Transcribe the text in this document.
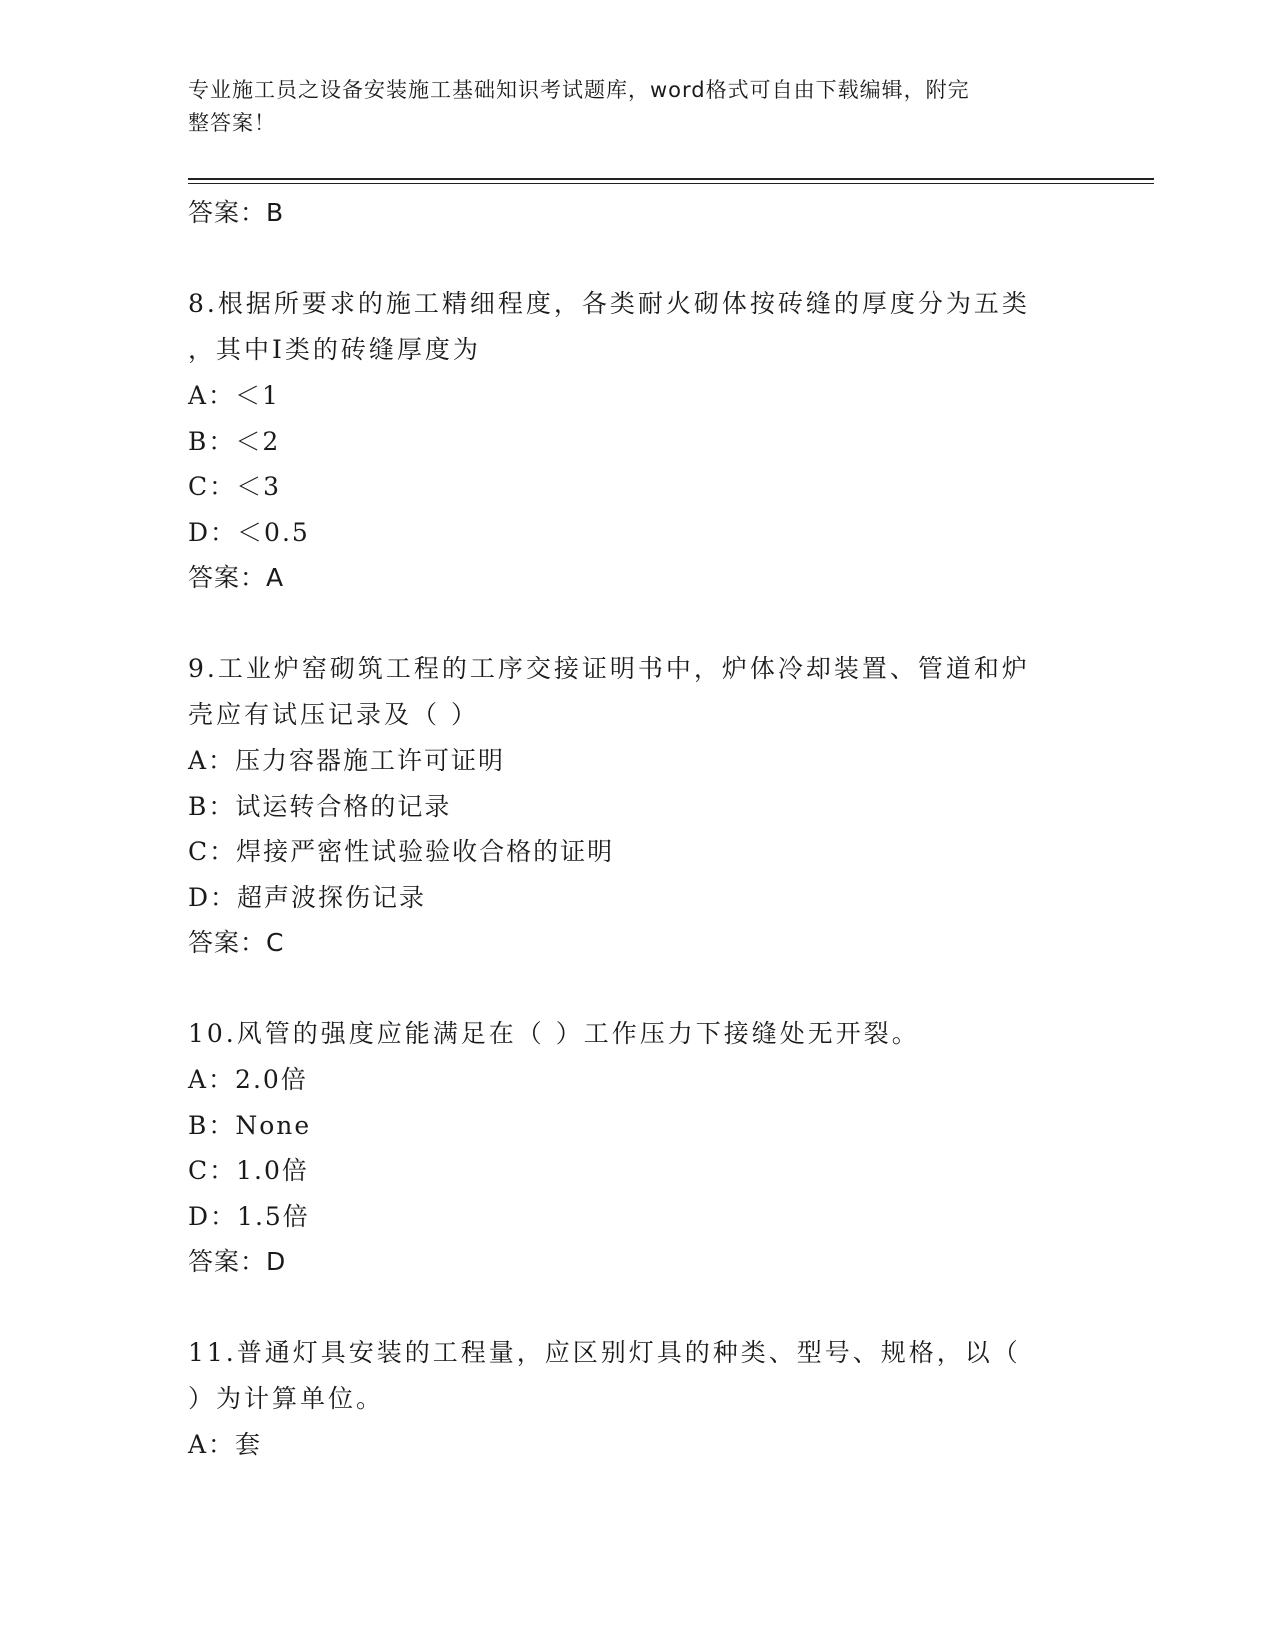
专业施工员之设备安装施工基础知识考试题库，word格式可自由下载编辑，附完
整答案！
答案：B
8.根据所要求的施工精细程度，各类耐火砌体按砖缝的厚度分为五类
，其中Ⅰ类的砖缝厚度为
A：＜1
B：＜2
C：＜3
D：＜0.5
答案：A
9.工业炉窑砌筑工程的工序交接证明书中，炉体冷却装置、管道和炉
壳应有试压记录及（ ）
A：压力容器施工许可证明
B：试运转合格的记录
C：焊接严密性试验验收合格的证明
D：超声波探伤记录
答案：C
10.风管的强度应能满足在（ ）工作压力下接缝处无开裂。
A：2.0倍
B：None
C：1.0倍
D：1.5倍
答案：D
11.普通灯具安装的工程量，应区别灯具的种类、型号、规格，以（
）为计算单位。
A：套
